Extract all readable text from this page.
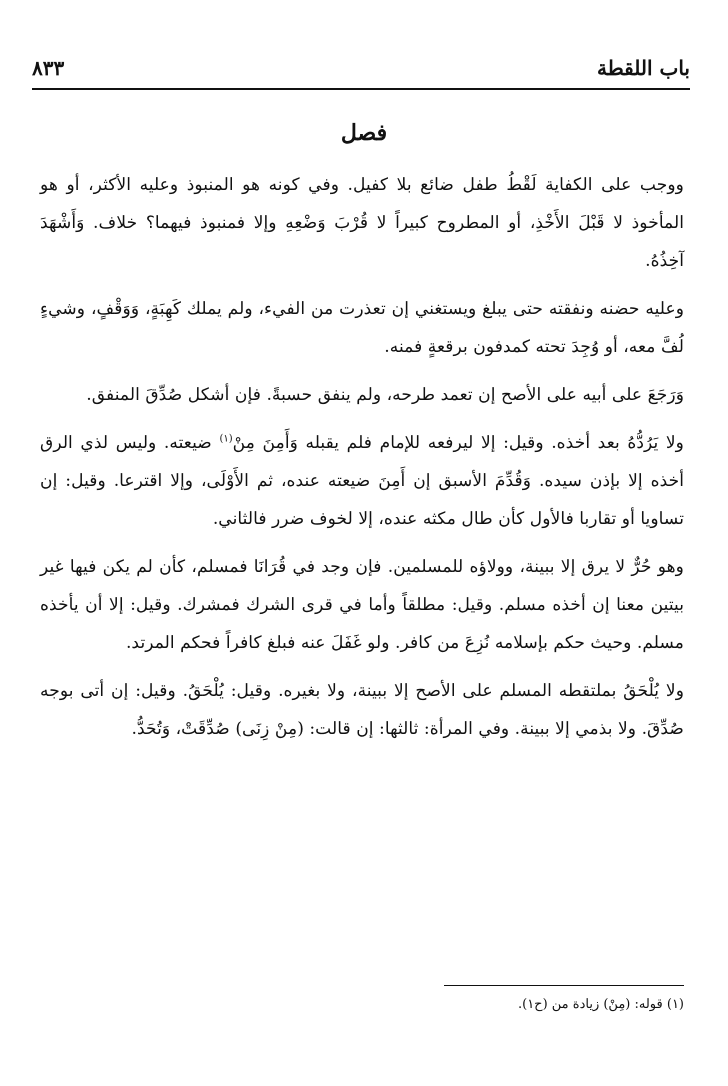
باب اللقطة
٨٣٣
فصل

ووجب على الكفاية لَقْطُ طفل ضائع بلا كفيل. وفي كونه هو المنبوذ وعليه الأكثر، أو هو المأخوذ لا قَبْلَ الأَخْذِ، أو المطروح كبيراً لا قُرْبَ وَضْعِهِ وإلا فمنبوذ فيهما؟ خلاف. وَأَشْهَدَ آخِذُهُ.

وعليه حضنه ونفقته حتى يبلغ ويستغني إن تعذرت من الفيء، ولم يملك كَهِبَةٍ، وَوَقْفٍ، وشيءٍ لُفَّ معه، أو وُجِدَ تحته كمدفون برقعةٍ فمنه.

وَرَجَعَ على أبيه على الأصح إن تعمد طرحه، ولم ينفق حسبةً. فإن أشكل صُدِّقَ المنفق.

ولا يَرُدُّهُ بعد أخذه. وقيل: إلا ليرفعه للإمام فلم يقبله وَأَمِنَ مِنْ$^{(١)}$ ضيعته. وليس لذي الرق أخذه إلا بإذن سيده. وَقُدِّمَ الأسبق إن أَمِنَ ضيعته عنده، ثم الأَوْلَى، وإلا اقترعا. وقيل: إن تساويا أو تقاربا فالأول كأن طال مكثه عنده، إلا لخوف ضرر فالثاني.

وهو حُرٌّ لا يرق إلا ببينة، وولاؤه للمسلمين. فإن وجد في قُرَانَا فمسلم، كأن لم يكن فيها غير بيتين معنا إن أخذه مسلم. وقيل: مطلقاً وأما في قرى الشرك فمشرك. وقيل: إلا أن يأخذه مسلم. وحيث حكم بإسلامه نُزِعَ من كافر. ولو غَفَلَ عنه فبلغ كافراً فحكم المرتد.

ولا يُلْحَقُ بملتقطه المسلم على الأصح إلا ببينة، ولا بغيره. وقيل: يُلْحَقُ. وقيل: إن أتى بوجه صُدِّقَ. ولا بذمي إلا ببينة. وفي المرأة: ثالثها: إن قالت: (مِنْ زِنَى) صُدِّقَتْ، وَتُحَدُّ.

(١) قوله: (مِنْ) زيادة من (ح١).
